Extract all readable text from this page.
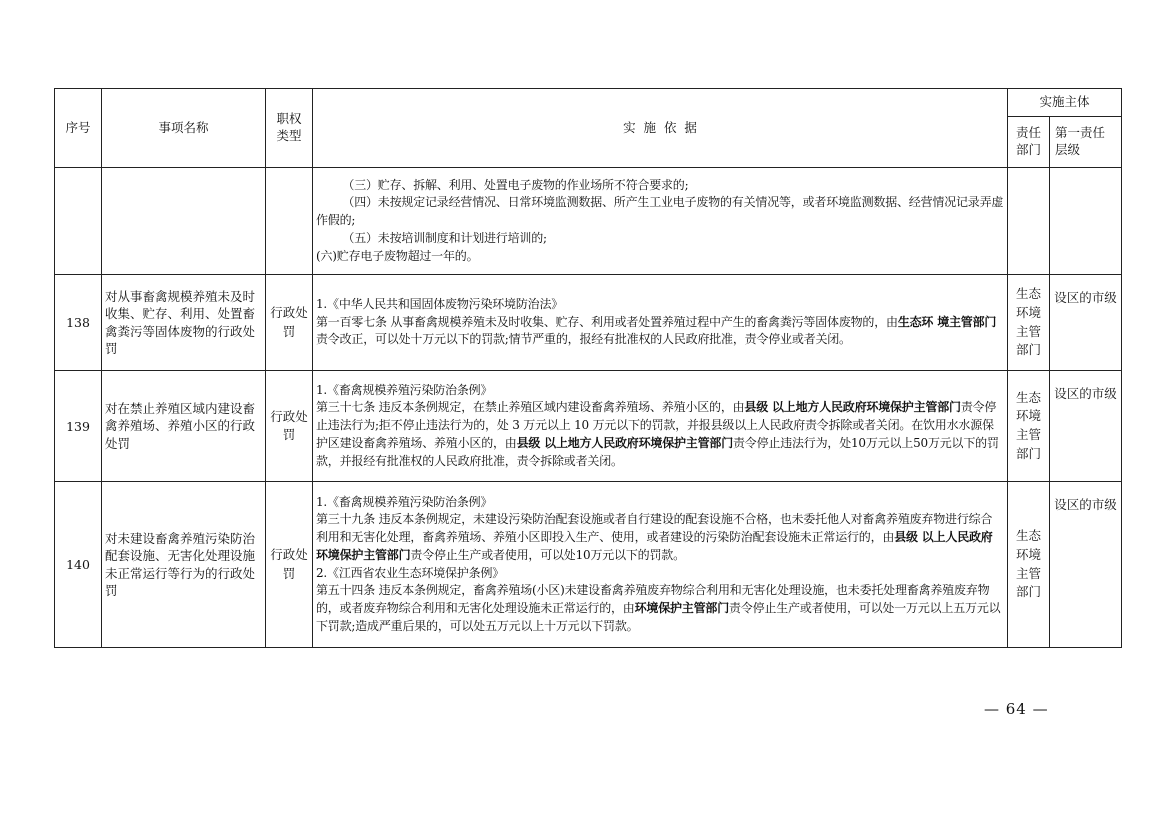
序号	事项名称	职权类型	实  施  依  据	实施主体	
				责任部门	第一责任层级

			（三）贮存、拆解、利用、处置电子废物的作业场所不符合要求的;
（四）未按规定记录经营情况、日常环境监测数据、所产生工业电子废物的有关情况等，或者环境监测数据、经营情况记录弄虚作假的;
（五）未按培训制度和计划进行培训的;
(六)贮存电子废物超过一年的。		

138	对从事畜禽规模养殖未及时收集、贮存、利用、处置畜禽粪污等固体废物的行政处罚	行政处罚	1.《中华人民共和国固体废物污染环境防治法》
第一百零七条 从事畜禽规模养殖未及时收集、贮存、利用或者处置养殖过程中产生的畜禽粪污等固体废物的，由生态环 境主管部门责令改正，可以处十万元以下的罚款;情节严重的，报经有批准权的人民政府批准，责令停业或者关闭。	生态环境主管部门	设区的市级
139	对在禁止养殖区域内建设畜禽养殖场、养殖小区的行政处罚	行政处罚	1.《畜禽规模养殖污染防治条例》
第三十七条 违反本条例规定，在禁止养殖区域内建设畜禽养殖场、养殖小区的，由县级 以上地方人民政府环境保护主管部门责令停止违法行为;拒不停止违法行为的，处 3 万元以上 10 万元以下的罚款，并报县级以上人民政府责令拆除或者关闭。在饮用水水源保护区建设畜禽养殖场、养殖小区的，由县级 以上地方人民政府环境保护主管部门责令停止违法行为，处10万元以上50万元以下的罚款，并报经有批准权的人民政府批准，责令拆除或者关闭。	生态环境主管部门	设区的市级
140	对未建设畜禽养殖污染防治配套设施、无害化处理设施未正常运行等行为的行政处罚	行政处罚	1.《畜禽规模养殖污染防治条例》
第三十九条 违反本条例规定，未建设污染防治配套设施或者自行建设的配套设施不合格，也未委托他人对畜禽养殖废弃物进行综合利用和无害化处理，畜禽养殖场、养殖小区即投入生产、使用，或者建设的污染防治配套设施未正常运行的，由县级 以上人民政府环境保护主管部门责令停止生产或者使用，可以处10万元以下的罚款。
2.《江西省农业生态环境保护条例》
第五十四条 违反本条例规定，畜禽养殖场(小区)未建设畜禽养殖废弃物综合利用和无害化处理设施，也未委托处理畜禽养殖废弃物的，或者废弃物综合利用和无害化处理设施未正常运行的，由环境保护主管部门责令停止生产或者使用，可以处一万元以上五万元以下罚款;造成严重后果的，可以处五万元以上十万元以下罚款。	生态环境主管部门	设区的市级
— 64 —
